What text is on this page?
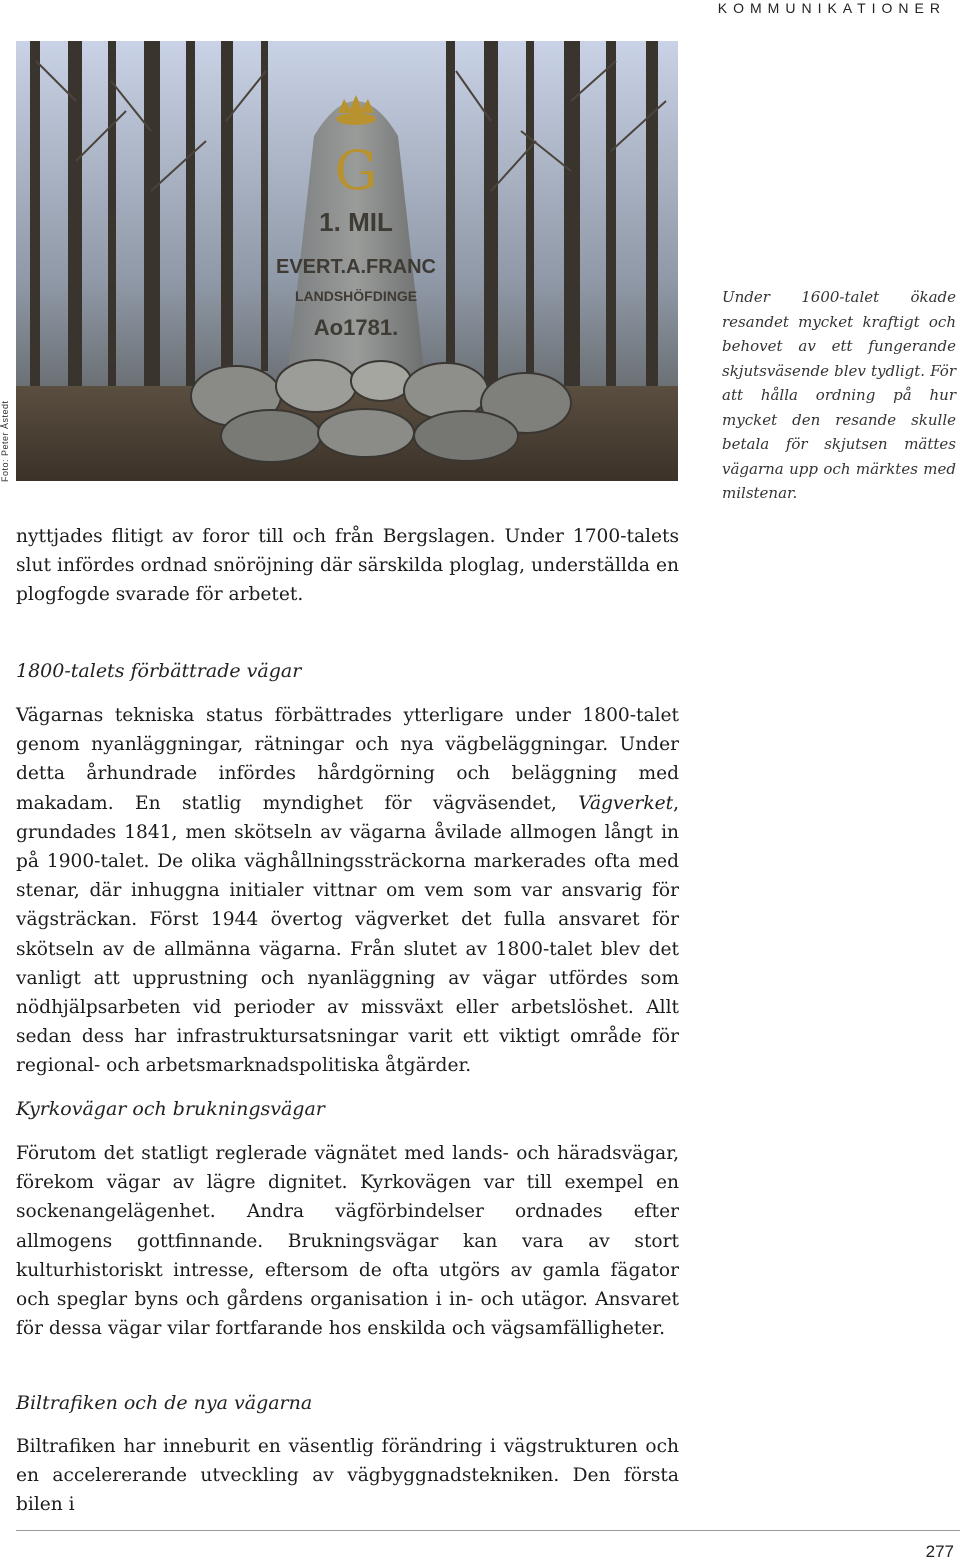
KOMMUNIKATIONER
Foto: Peter Åstedt
G
1. MIL
EVERT.A.FRANC
LANDSHÖFDINGE
Ao1781.

Under 1600-talet ökade resandet mycket kraftigt och behovet av ett fungerande skjutsväsende blev tydligt. För att hålla ordning på hur mycket den resande skulle betala för skjutsen mättes vägarna upp och märktes med milstenar.

nyttjades flitigt av foror till och från Bergslagen. Under 1700-talets slut infördes ordnad snöröjning där särskilda ploglag, underställda en plogfogde svarade för arbetet.

1800-talets förbättrade vägar

Vägarnas tekniska status förbättrades ytterligare under 1800-talet genom nyanläggningar, rätningar och nya vägbeläggningar. Under detta århundrade infördes hårdgörning och beläggning med makadam. En statlig myndighet för vägväsendet, Vägverket, grundades 1841, men skötseln av vägarna åvilade allmogen långt in på 1900-talet. De olika väghållningssträckorna markerades ofta med stenar, där inhuggna initialer vittnar om vem som var ansvarig för vägsträckan. Först 1944 övertog vägverket det fulla ansvaret för skötseln av de allmänna vägarna. Från slutet av 1800-talet blev det vanligt att upprustning och nyanläggning av vägar utfördes som nödhjälpsarbeten vid perioder av missväxt eller arbetslöshet. Allt sedan dess har infrastruktursatsningar varit ett viktigt område för regional- och arbetsmarknadspolitiska åtgärder.

Kyrkovägar och brukningsvägar

Förutom det statligt reglerade vägnätet med lands- och häradsvägar, förekom vägar av lägre dignitet. Kyrkovägen var till exempel en sockenangelägenhet. Andra vägförbindelser ordnades efter allmogens gottfinnande. Brukningsvägar kan vara av stort kulturhistoriskt intresse, eftersom de ofta utgörs av gamla fägator och speglar byns och gårdens organisation i in- och utägor. Ansvaret för dessa vägar vilar fortfarande hos enskilda och vägsamfälligheter.

Biltrafiken och de nya vägarna

Biltrafiken har inneburit en väsentlig förändring i vägstrukturen och en accelererande utveckling av vägbyggnadstekniken. Den första bilen i

277
